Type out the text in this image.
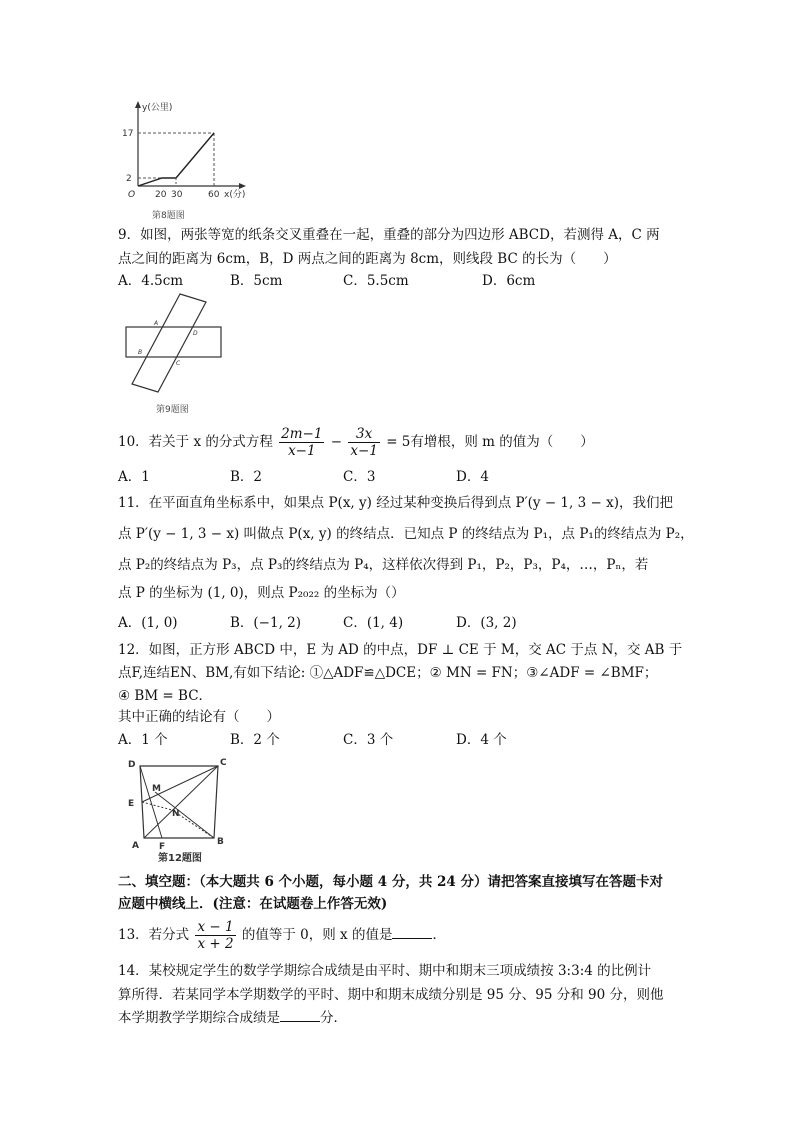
y(公里)
17
2
O 20 30	60 x(分)
第8题图
9．如图，两张等宽的纸条交叉重叠在一起，重叠的部分为四边形 ABCD，若测得 A，C 两
点之间的距离为 6cm，B，D 两点之间的距离为 8cm，则线段 BC 的长为（　　）
A．4.5cm	B．5cm	C．5.5cm	D．6cm
A
B
C
D
第9题图
10．若关于 x 的分式方程 $\frac{2m-1}{x-1} - \frac{3x}{x-1} = 5$有增根，则 m 的值为（　　）
A．1	B．2	C．3	D．4
11．在平面直角坐标系中，如果点 P(x, y) 经过某种变换后得到点 P′(y − 1, 3 − x)，我们把
点 P′(y − 1, 3 − x) 叫做点 P(x, y) 的终结点．已知点 P 的终结点为 P₁，点 P₁的终结点为 P₂，
点 P₂的终结点为 P₃，点 P₃的终结点为 P₄，这样依次得到 P₁，P₂，P₃，P₄，…，Pₙ，若
点 P 的坐标为 (1, 0)，则点 P₂₀₂₂ 的坐标为（）
A．(1, 0)	B．(−1, 2)	C．(1, 4)	D．(3, 2)
12．如图，正方形 ABCD 中，E 为 AD 的中点，DF ⊥ CE 于 M，交 AC 于点 N，交 AB 于
点F,连结EN、BM,有如下结论: ①△ADF≌△DCE；② MN = FN；③∠ADF = ∠BMF；
④ BM = BC．
其中正确的结论有（　　）
A．1 个	B．2 个	C．3 个	D．4 个
D	C
M
E
N
A F	B
第12题图
二、填空题：（本大题共 6 个小题，每小题 4 分，共 24 分）请把答案直接填写在答题卡对
应题中横线上．(注意：在试题卷上作答无效)
13．若分式 $\frac{x - 1}{x + 2}$ 的值等于 0，则 x 的值是	．
14．某校规定学生的数学学期综合成绩是由平时、期中和期末三项成绩按 3:3:4 的比例计
算所得．若某同学本学期数学的平时、期中和期末成绩分别是 95 分、95 分和 90 分，则他
本学期教学学期综合成绩是	分．
